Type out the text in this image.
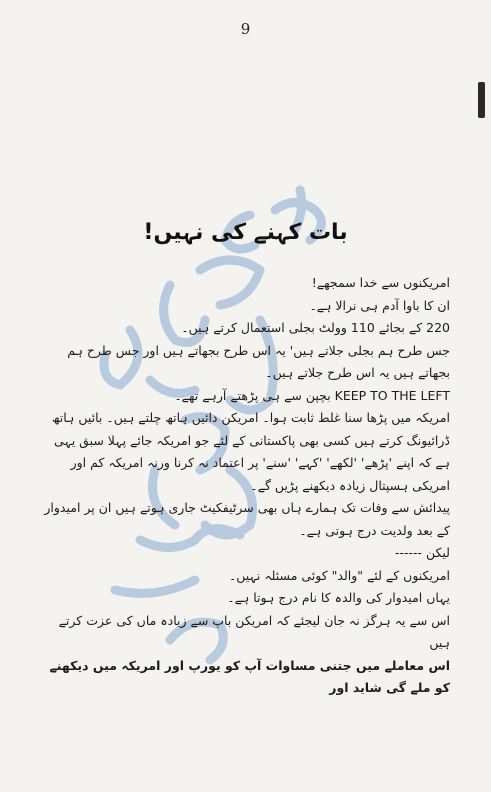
9
بات کہنے کی نہیں!

امریکنوں سے خدا سمجھے!

ان کا باوا آدم ہی نرالا ہے۔

220 کے بجائے 110 وولٹ بجلی استعمال کرتے ہیں۔

جس طرح ہم بجلی جلاتے ہیں' یہ اس طرح بجھاتے ہیں اور جس طرح ہم بجھاتے ہیں یہ اس طرح جلاتے ہیں۔

KEEP TO THE LEFT بچپن سے ہی پڑھتے آرہے تھے۔

امریکہ میں پڑھا سنا غلط ثابت ہوا۔ امریکن دائیں ہاتھ چلتے ہیں۔ بائیں ہاتھ ڈرائیونگ کرتے ہیں کسی بھی پاکستانی کے لئے جو امریکہ جائے پہلا سبق یہی ہے کہ اپنے 'پڑھے' 'لکھے' 'کہے' 'سنے' پر اعتماد نہ کرنا ورنہ امریکہ کم اور امریکی ہسپتال زیادہ دیکھنے پڑیں گے۔

پیدائش سے وفات تک ہمارے ہاں بھی سرٹیفکیٹ جاری ہوتے ہیں ان پر امیدوار کے بعد ولدیت درج ہوتی ہے۔

لیکن ------

امریکنوں کے لئے "والد" کوئی مسئلہ نہیں۔

یہاں امیدوار کی والدہ کا نام درج ہوتا ہے۔

اس سے یہ ہرگز نہ جان لیجئے کہ امریکن باپ سے زیادہ ماں کی عزت کرتے ہیں

اس معاملے میں جتنی مساوات آپ کو یورپ اور امریکہ میں دیکھنے کو ملے گی شاید اور
